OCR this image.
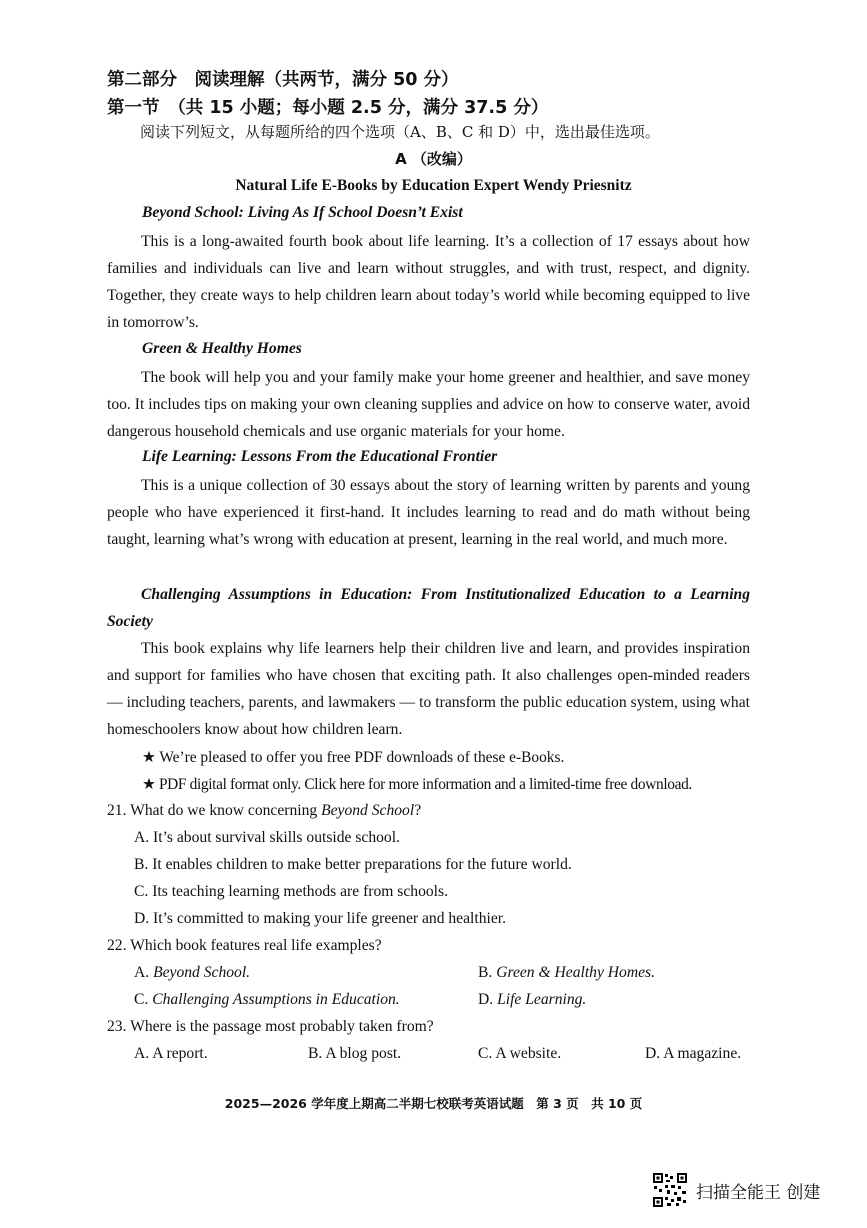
第二部分　阅读理解（共两节，满分 50 分）
第一节　（共 15 小题；每小题 2.5 分，满分 37.5 分）
阅读下列短文，从每题所给的四个选项（A、B、C 和 D）中，选出最佳选项。
A （改编）
Natural Life E-Books by Education Expert Wendy Priesnitz
Beyond School: Living As If School Doesn’t Exist

This is a long-awaited fourth book about life learning. It’s a collection of 17 essays about how families and individuals can live and learn without struggles, and with trust, respect, and dignity. Together, they create ways to help children learn about today’s world while becoming equipped to live in tomorrow’s.

Green & Healthy Homes

The book will help you and your family make your home greener and healthier, and save money too. It includes tips on making your own cleaning supplies and advice on how to conserve water, avoid dangerous household chemicals and use organic materials for your home.

Life Learning: Lessons From the Educational Frontier

This is a unique collection of 30 essays about the story of learning written by parents and young people who have experienced it first-hand. It includes learning to read and do math without being taught, learning what’s wrong with education at present, learning in the real world, and much more.

Challenging Assumptions in Education: From Institutionalized Education to a Learning Society

This book explains why life learners help their children live and learn, and provides inspiration and support for families who have chosen that exciting path. It also challenges open-minded readers — including teachers, parents, and lawmakers — to transform the public education system, using what homeschoolers know about how children learn.

★ We’re pleased to offer you free PDF downloads of these e-Books.
★ PDF digital format only. Click here for more information and a limited-time free download.
21. What do we know concerning Beyond School?
A. It’s about survival skills outside school.
B. It enables children to make better preparations for the future world.
C. Its teaching learning methods are from schools.
D. It’s committed to making your life greener and healthier.
22. Which book features real life examples?
A. Beyond School.	B. Green & Healthy Homes.
C. Challenging Assumptions in Education.	D. Life Learning.
23. Where is the passage most probably taken from?
A. A report.	B. A blog post.	C. A website.	D. A magazine.
2025—2026 学年度上期高二半期七校联考英语试题　第 3 页　共 10 页
扫描全能王 创建
